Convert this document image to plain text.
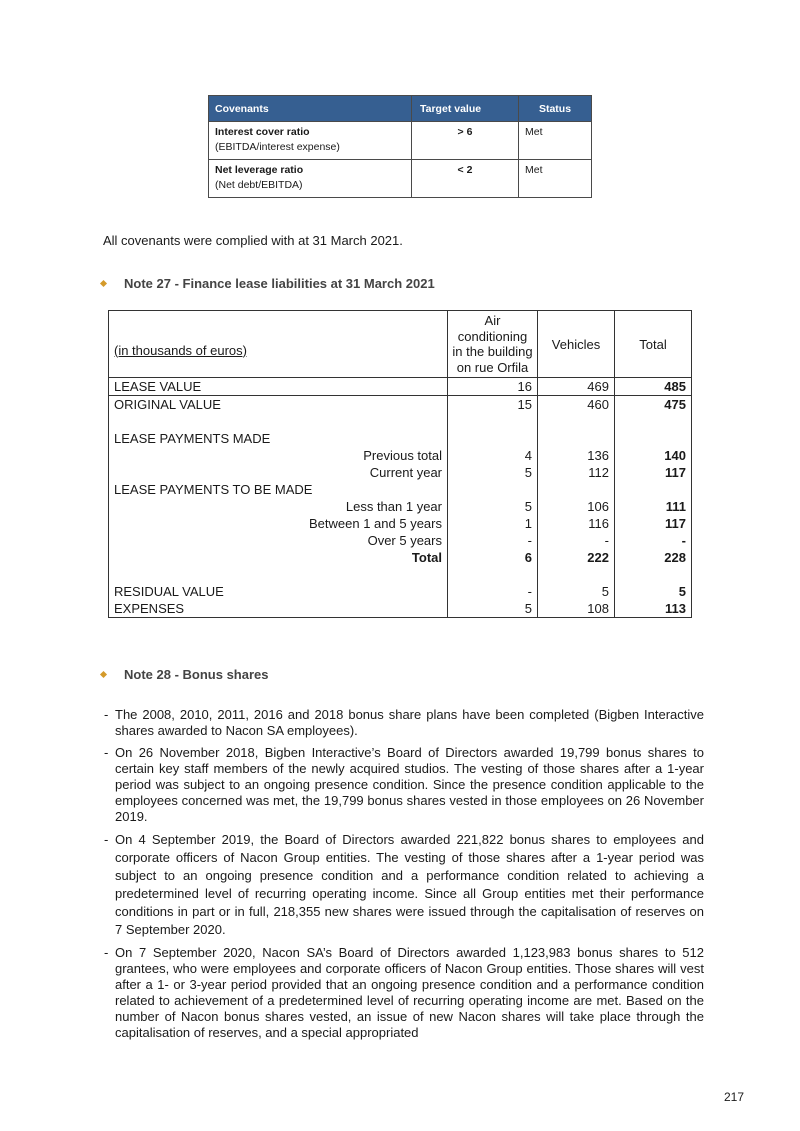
Covenants	Target value	Status

Interest cover ratio
(EBITDA/interest expense)	> 6	Met

Net leverage ratio
(Net debt/EBITDA)	< 2	Met
All covenants were complied with at 31 March 2021.
Note 27 - Finance lease liabilities at 31 March 2021
(in thousands of euros)	Air conditioning in the building on rue Orfila	Vehicles	Total
LEASE VALUE	16	469	485
ORIGINAL VALUE	15	460	475

LEASE PAYMENTS MADE			
Previous total	4	136	140
Current year	5	112	117
LEASE PAYMENTS TO BE MADE			
Less than 1 year	5	106	111
Between 1 and 5 years	1	116	117
Over 5 years	-	-	-
Total	6	222	228

RESIDUAL VALUE	-	5	5
EXPENSES	5	108	113
Note 28 - Bonus shares
- The 2008, 2010, 2011, 2016 and 2018 bonus share plans have been completed (Bigben Interactive shares awarded to Nacon SA employees).
- On 26 November 2018, Bigben Interactive’s Board of Directors awarded 19,799 bonus shares to certain key staff members of the newly acquired studios. The vesting of those shares after a 1-year period was subject to an ongoing presence condition. Since the presence condition applicable to the employees concerned was met, the 19,799 bonus shares vested in those employees on 26 November 2019.
- On 4 September 2019, the Board of Directors awarded 221,822 bonus shares to employees and corporate officers of Nacon Group entities. The vesting of those shares after a 1-year period was subject to an ongoing presence condition and a performance condition related to achieving a predetermined level of recurring operating income. Since all Group entities met their performance conditions in part or in full, 218,355 new shares were issued through the capitalisation of reserves on 7 September 2020.
- On 7 September 2020, Nacon SA’s Board of Directors awarded 1,123,983 bonus shares to 512 grantees, who were employees and corporate officers of Nacon Group entities. Those shares will vest after a 1- or 3-year period provided that an ongoing presence condition and a performance condition related to achievement of a predetermined level of recurring operating income are met. Based on the number of Nacon bonus shares vested, an issue of new Nacon shares will take place through the capitalisation of reserves, and a special appropriated
217
